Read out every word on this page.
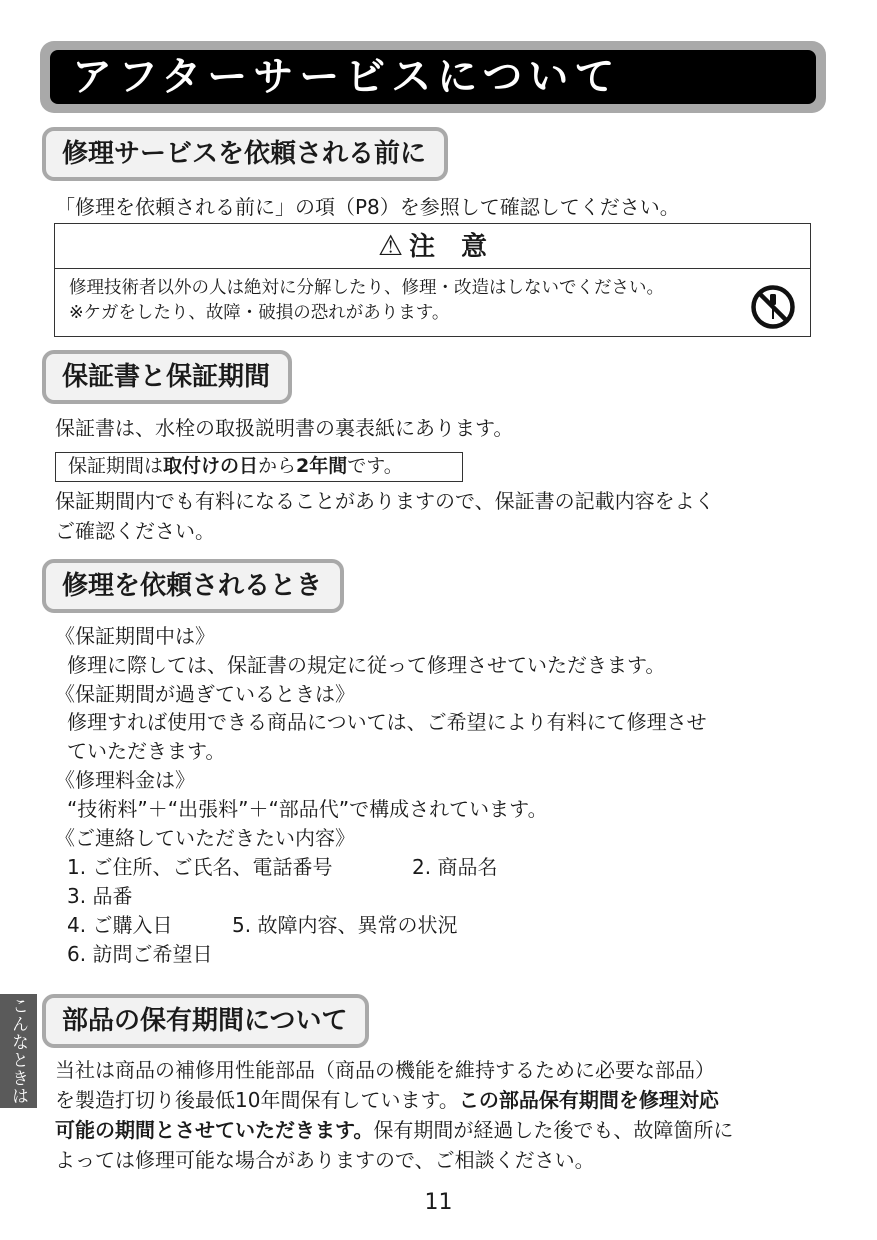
アフターサービスについて
修理サービスを依頼される前に
「修理を依頼される前に」の項（P8）を参照して確認してください。
⚠ 注　意
修理技術者以外の人は絶対に分解したり、修理・改造はしないでください。
※ケガをしたり、故障・破損の恐れがあります。
保証書と保証期間
保証書は、水栓の取扱説明書の裏表紙にあります。
保証期間は取付けの日から2年間です。
保証期間内でも有料になることがありますので、保証書の記載内容をよく
ご確認ください。
修理を依頼されるとき
《保証期間中は》
修理に際しては、保証書の規定に従って修理させていただきます。
《保証期間が過ぎているときは》
修理すれば使用できる商品については、ご希望により有料にて修理させ
ていただきます。
《修理料金は》
“技術料”＋“出張料”＋“部品代”で構成されています。
《ご連絡していただきたい内容》
1. ご住所、ご氏名、電話番号	2. 商品名
3. 品番
4. ご購入日	5. 故障内容、異常の状況
6. 訪問ご希望日
部品の保有期間について
当社は商品の補修用性能部品（商品の機能を維持するために必要な部品）
を製造打切り後最低10年間保有しています。この部品保有期間を修理対応
可能の期間とさせていただきます。保有期間が経過した後でも、故障箇所に
よっては修理可能な場合がありますので、ご相談ください。
こんなときは
11
